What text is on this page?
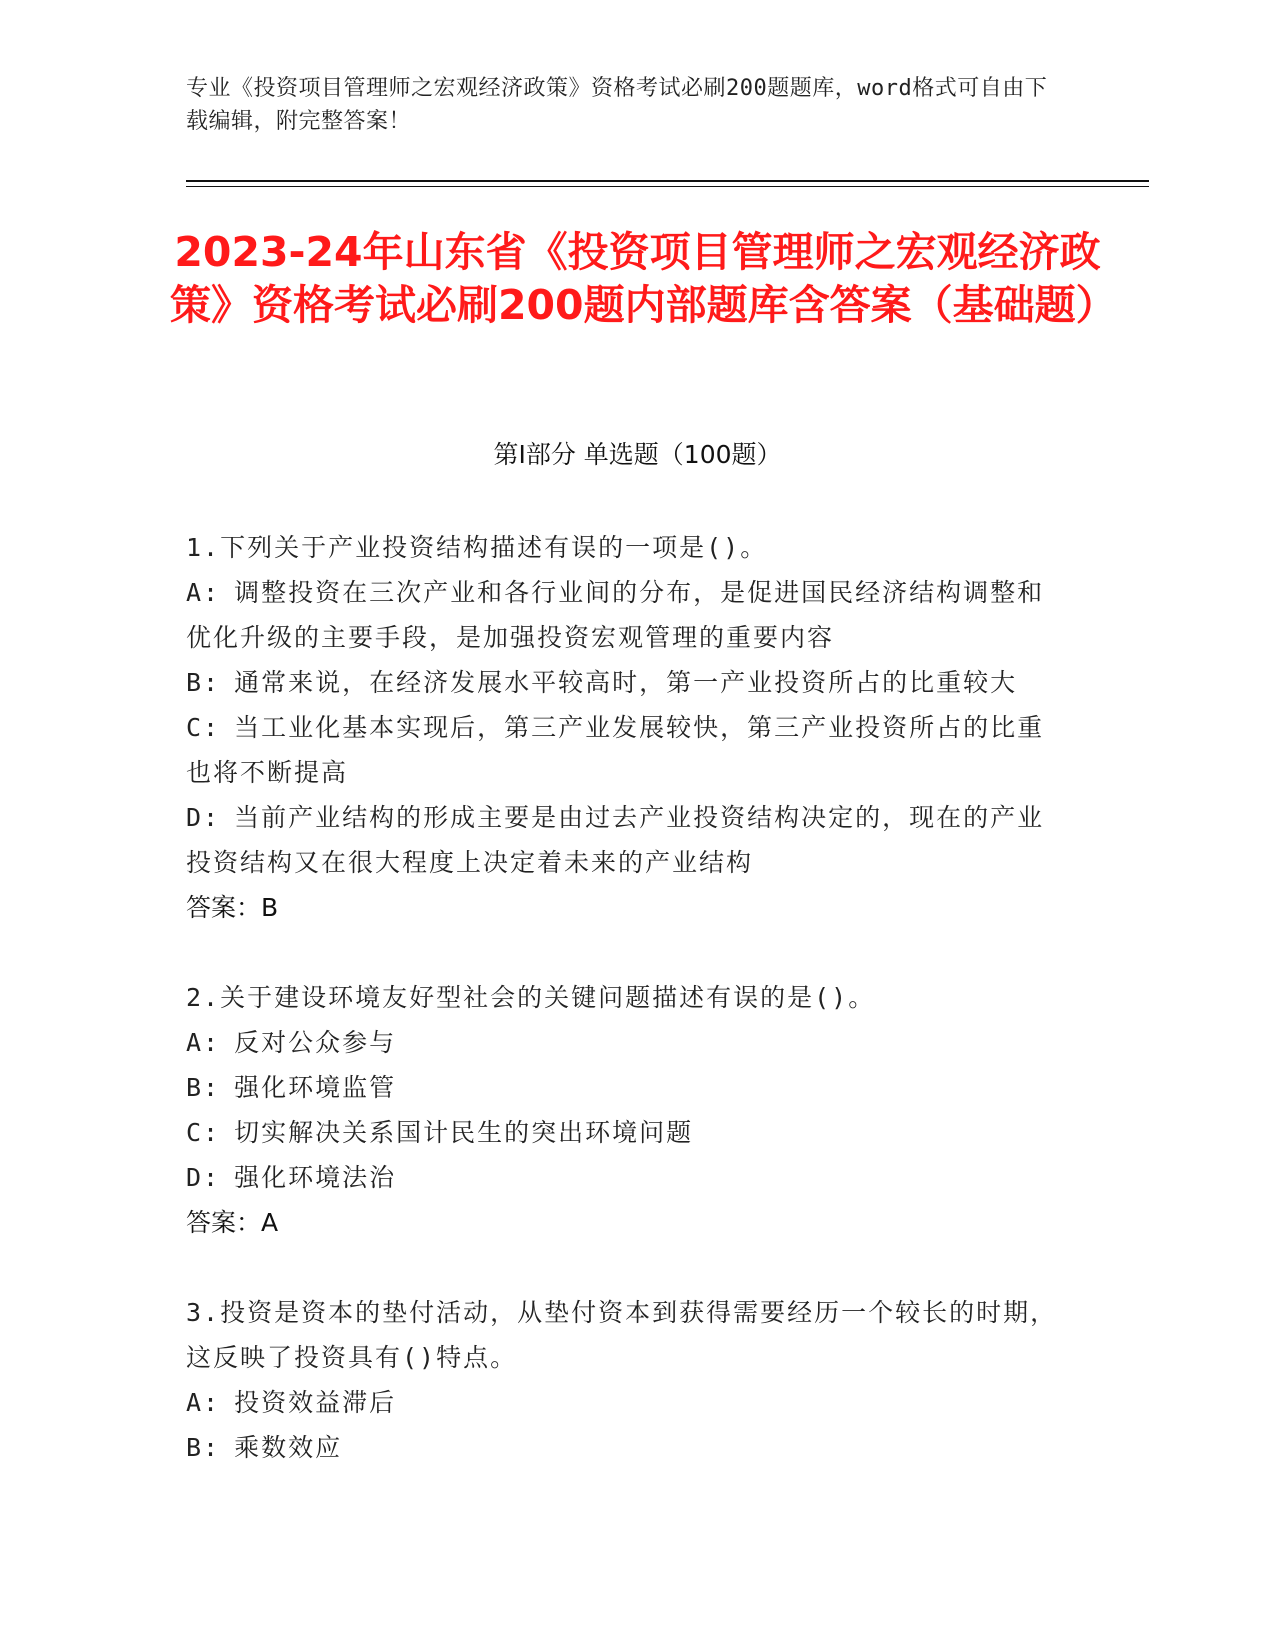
专业《投资项目管理师之宏观经济政策》资格考试必刷200题题库，word格式可自由下载编辑，附完整答案！
2023-24年山东省《投资项目管理师之宏观经济政策》资格考试必刷200题内部题库含答案（基础题）
第Ⅰ部分 单选题（100题）

1.下列关于产业投资结构描述有误的一项是()。

A: 调整投资在三次产业和各行业间的分布，是促进国民经济结构调整和优化升级的主要手段，是加强投资宏观管理的重要内容

B: 通常来说，在经济发展水平较高时，第一产业投资所占的比重较大

C: 当工业化基本实现后，第三产业发展较快，第三产业投资所占的比重也将不断提高

D: 当前产业结构的形成主要是由过去产业投资结构决定的，现在的产业投资结构又在很大程度上决定着未来的产业结构

答案：B

2.关于建设环境友好型社会的关键问题描述有误的是()。

A: 反对公众参与

B: 强化环境监管

C: 切实解决关系国计民生的突出环境问题

D: 强化环境法治

答案：A

3.投资是资本的垫付活动，从垫付资本到获得需要经历一个较长的时期，这反映了投资具有()特点。

A: 投资效益滞后

B: 乘数效应
